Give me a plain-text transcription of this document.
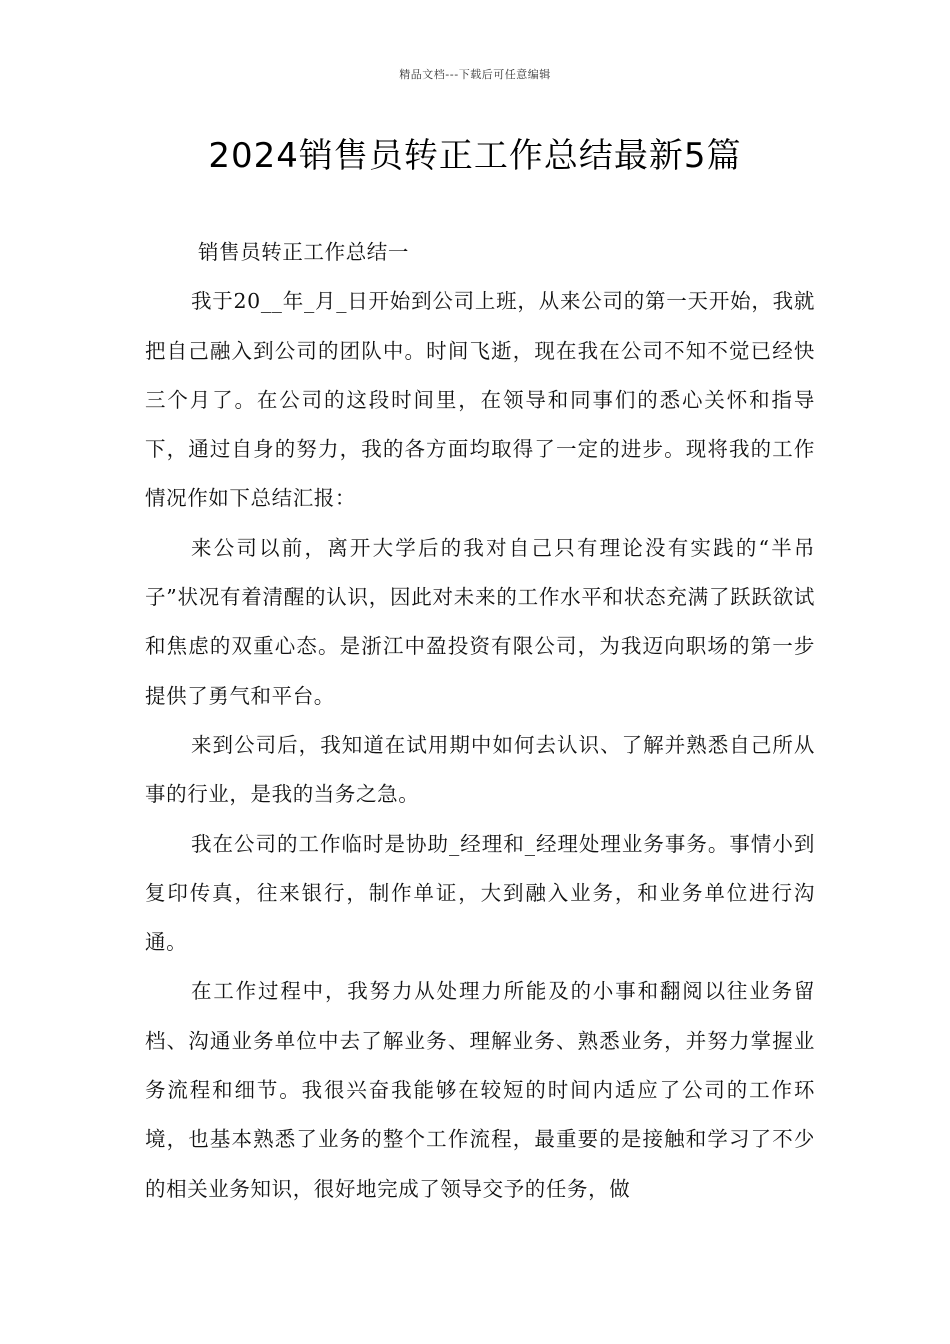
精品文档---下载后可任意编辑
2024销售员转正工作总结最新5篇

销售员转正工作总结一

我于20__年_月_日开始到公司上班，从来公司的第一天开始，我就把自己融入到公司的团队中。时间飞逝，现在我在公司不知不觉已经快三个月了。在公司的这段时间里，在领导和同事们的悉心关怀和指导下，通过自身的努力，我的各方面均取得了一定的进步。现将我的工作情况作如下总结汇报：

来公司以前，离开大学后的我对自己只有理论没有实践的“半吊子”状况有着清醒的认识，因此对未来的工作水平和状态充满了跃跃欲试和焦虑的双重心态。是浙江中盈投资有限公司，为我迈向职场的第一步提供了勇气和平台。

来到公司后，我知道在试用期中如何去认识、了解并熟悉自己所从事的行业，是我的当务之急。

我在公司的工作临时是协助_经理和_经理处理业务事务。事情小到复印传真，往来银行，制作单证，大到融入业务，和业务单位进行沟通。

在工作过程中，我努力从处理力所能及的小事和翻阅以往业务留档、沟通业务单位中去了解业务、理解业务、熟悉业务，并努力掌握业务流程和细节。我很兴奋我能够在较短的时间内适应了公司的工作环境，也基本熟悉了业务的整个工作流程，最重要的是接触和学习了不少的相关业务知识，很好地完成了领导交予的任务，做
